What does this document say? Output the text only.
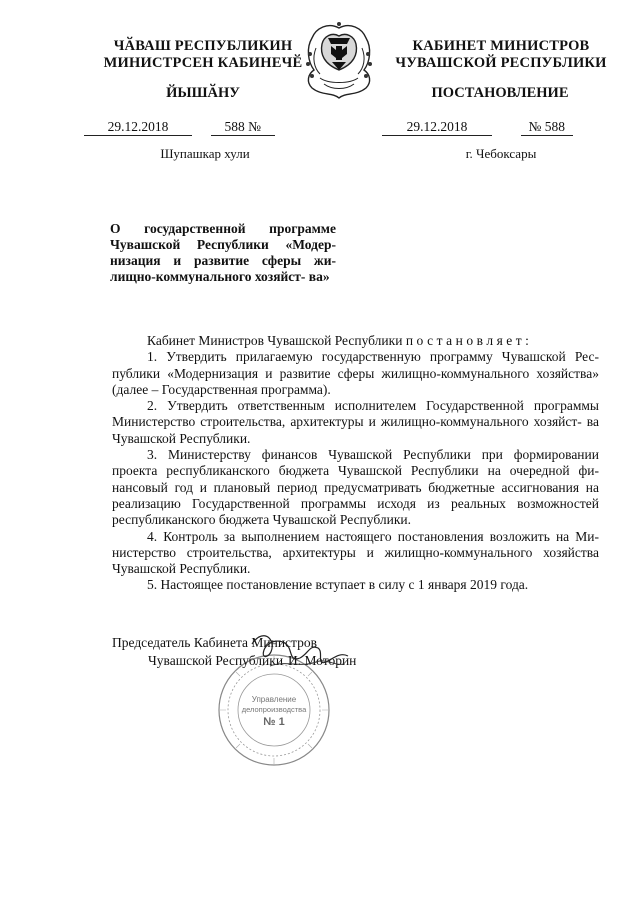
ЧӐВАШ РЕСПУБЛИКИН
МИНИСТРСЕН КАБИНЕЧӖ
ЙЫШӐНУ
КАБИНЕТ МИНИСТРОВ
ЧУВАШСКОЙ РЕСПУБЛИКИ
ПОСТАНОВЛЕНИЕ
29.12.2018	588 №	29.12.2018	№ 588
Шупашкар хули	г. Чебоксары
О государственной программе Чувашской Республики «Модер- низация и развитие сферы жи- лищно-коммунального хозяйст- ва»

Кабинет Министров Чувашской Республики постановляет:

1. Утвердить прилагаемую государственную программу Чувашской Рес- публики «Модернизация и развитие сферы жилищно-коммунального хозяйства» (далее – Государственная программа).

2. Утвердить ответственным исполнителем Государственной программы Министерство строительства, архитектуры и жилищно-коммунального хозяйст- ва Чувашской Республики.

3. Министерству финансов Чувашской Республики при формировании проекта республиканского бюджета Чувашской Республики на очередной фи- нансовый год и плановый период предусматривать бюджетные ассигнования на реализацию Государственной программы исходя из реальных возможностей республиканского бюджета Чувашской Республики.

4. Контроль за выполнением настоящего постановления возложить на Ми- нистерство строительства, архитектуры и жилищно-коммунального хозяйства Чувашской Республики.

5. Настоящее постановление вступает в силу с 1 января 2019 года.

Управление
делопроизводства
№ 1
Председатель Кабинета Министров
Чувашской Республики И. Моторин
